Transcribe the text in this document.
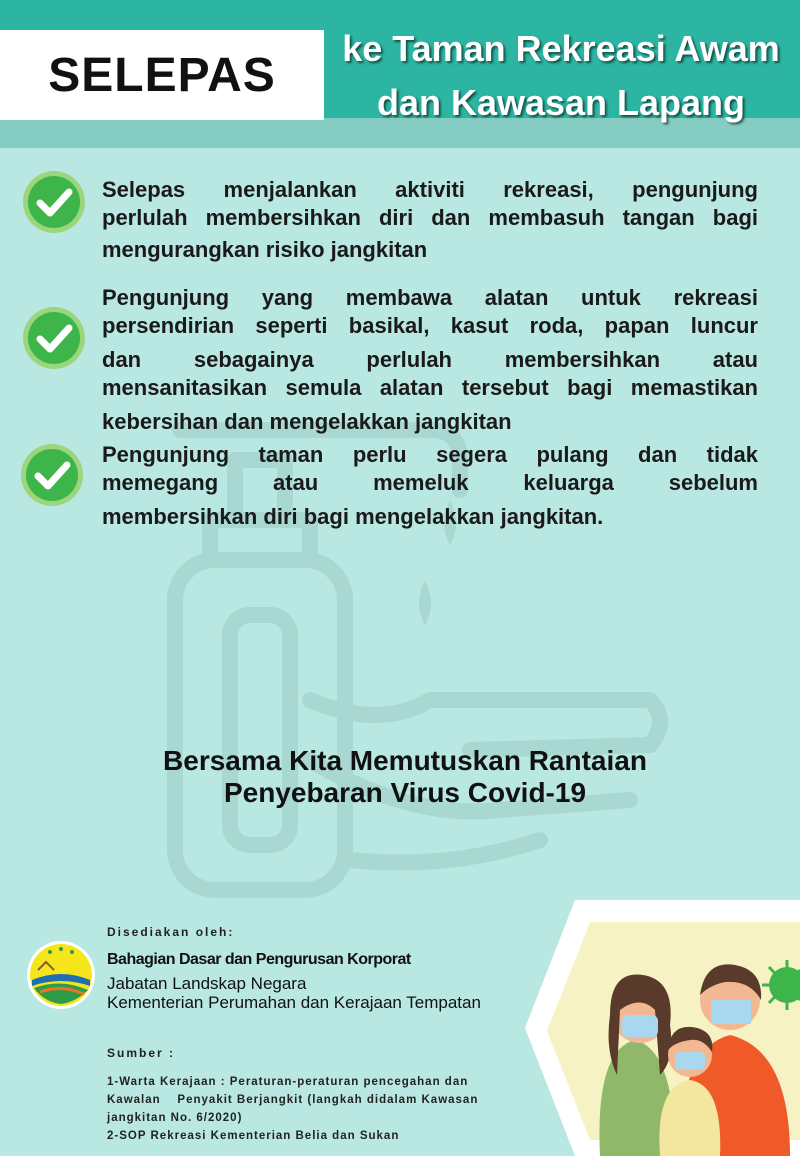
SELEPAS	ke Taman Rekreasi Awam
dan Kawasan Lapang
Selepas menjalankan aktiviti rekreasi, pengunjung
perlulah membersihkan diri dan membasuh tangan bagi
mengurangkan risiko jangkitan
Pengunjung yang membawa alatan untuk rekreasi
persendirian seperti basikal, kasut roda, papan luncur
dan sebagainya perlulah membersihkan atau
mensanitasikan semula alatan tersebut bagi memastikan
kebersihan dan mengelakkan jangkitan
Pengunjung taman perlu segera pulang dan tidak
memegang atau memeluk keluarga sebelum
membersihkan diri bagi mengelakkan jangkitan.
Bersama Kita Memutuskan Rantaian
Penyebaran Virus Covid-19
Disediakan oleh:
Bahagian Dasar dan Pengurusan Korporat
Jabatan Landskap Negara
Kementerian Perumahan dan Kerajaan Tempatan
Sumber :
1-Warta Kerajaan : Peraturan-peraturan pencegahan dan
Kawalan    Penyakit Berjangkit (langkah didalam Kawasan
jangkitan No. 6/2020)
2-SOP Rekreasi Kementerian Belia dan Sukan
